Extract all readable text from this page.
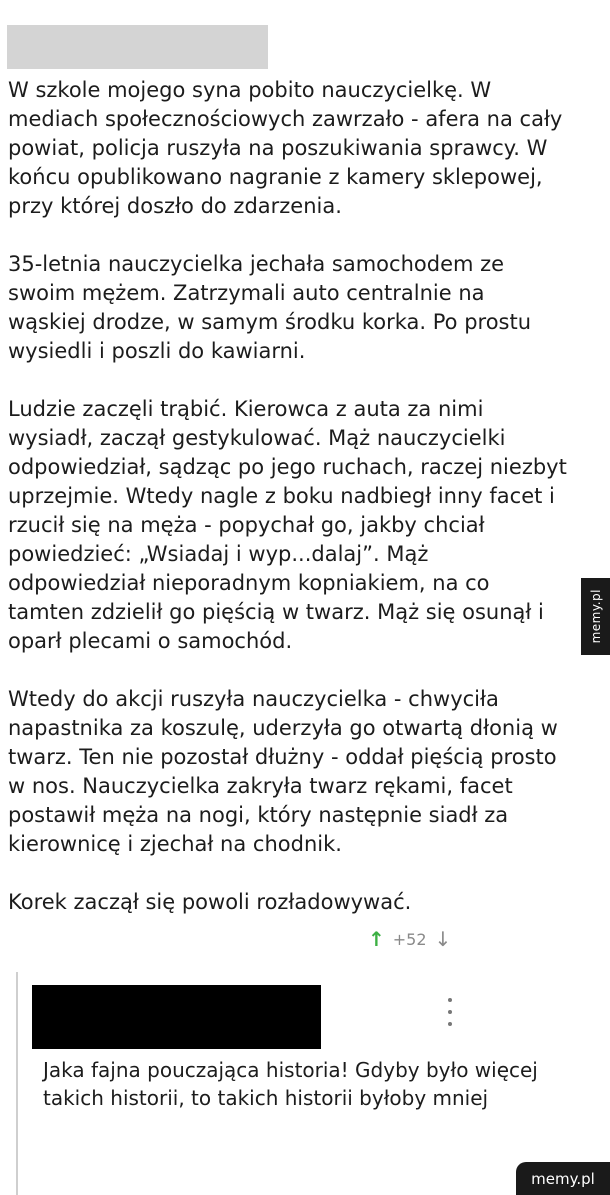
W szkole mojego syna pobito nauczycielkę. W mediach społecznościowych zawrzało - afera na cały powiat, policja ruszyła na poszukiwania sprawcy. W końcu opublikowano nagranie z kamery sklepowej, przy której doszło do zdarzenia.

35-letnia nauczycielka jechała samochodem ze swoim mężem. Zatrzymali auto centralnie na wąskiej drodze, w samym środku korka. Po prostu wysiedli i poszli do kawiarni.

Ludzie zaczęli trąbić. Kierowca z auta za nimi wysiadł, zaczął gestykulować. Mąż nauczycielki odpowiedział, sądząc po jego ruchach, raczej niezbyt uprzejmie. Wtedy nagle z boku nadbiegł inny facet i rzucił się na męża - popychał go, jakby chciał powiedzieć: „Wsiadaj i wyp...dalaj”. Mąż odpowiedział nieporadnym kopniakiem, na co tamten zdzielił go pięścią w twarz. Mąż się osunął i oparł plecami o samochód.

Wtedy do akcji ruszyła nauczycielka - chwyciła napastnika za koszulę, uderzyła go otwartą dłonią w twarz. Ten nie pozostał dłużny - oddał pięścią prosto w nos. Nauczycielka zakryła twarz rękami, facet postawił męża na nogi, który następnie siadł za kierownicę i zjechał na chodnik.

Korek zaczął się powoli rozładowywać.

↑ +52 ↓
Jaka fajna pouczająca historia! Gdyby było więcej takich historii, to takich historii byłoby mniej
memy.pl
memy.pl
